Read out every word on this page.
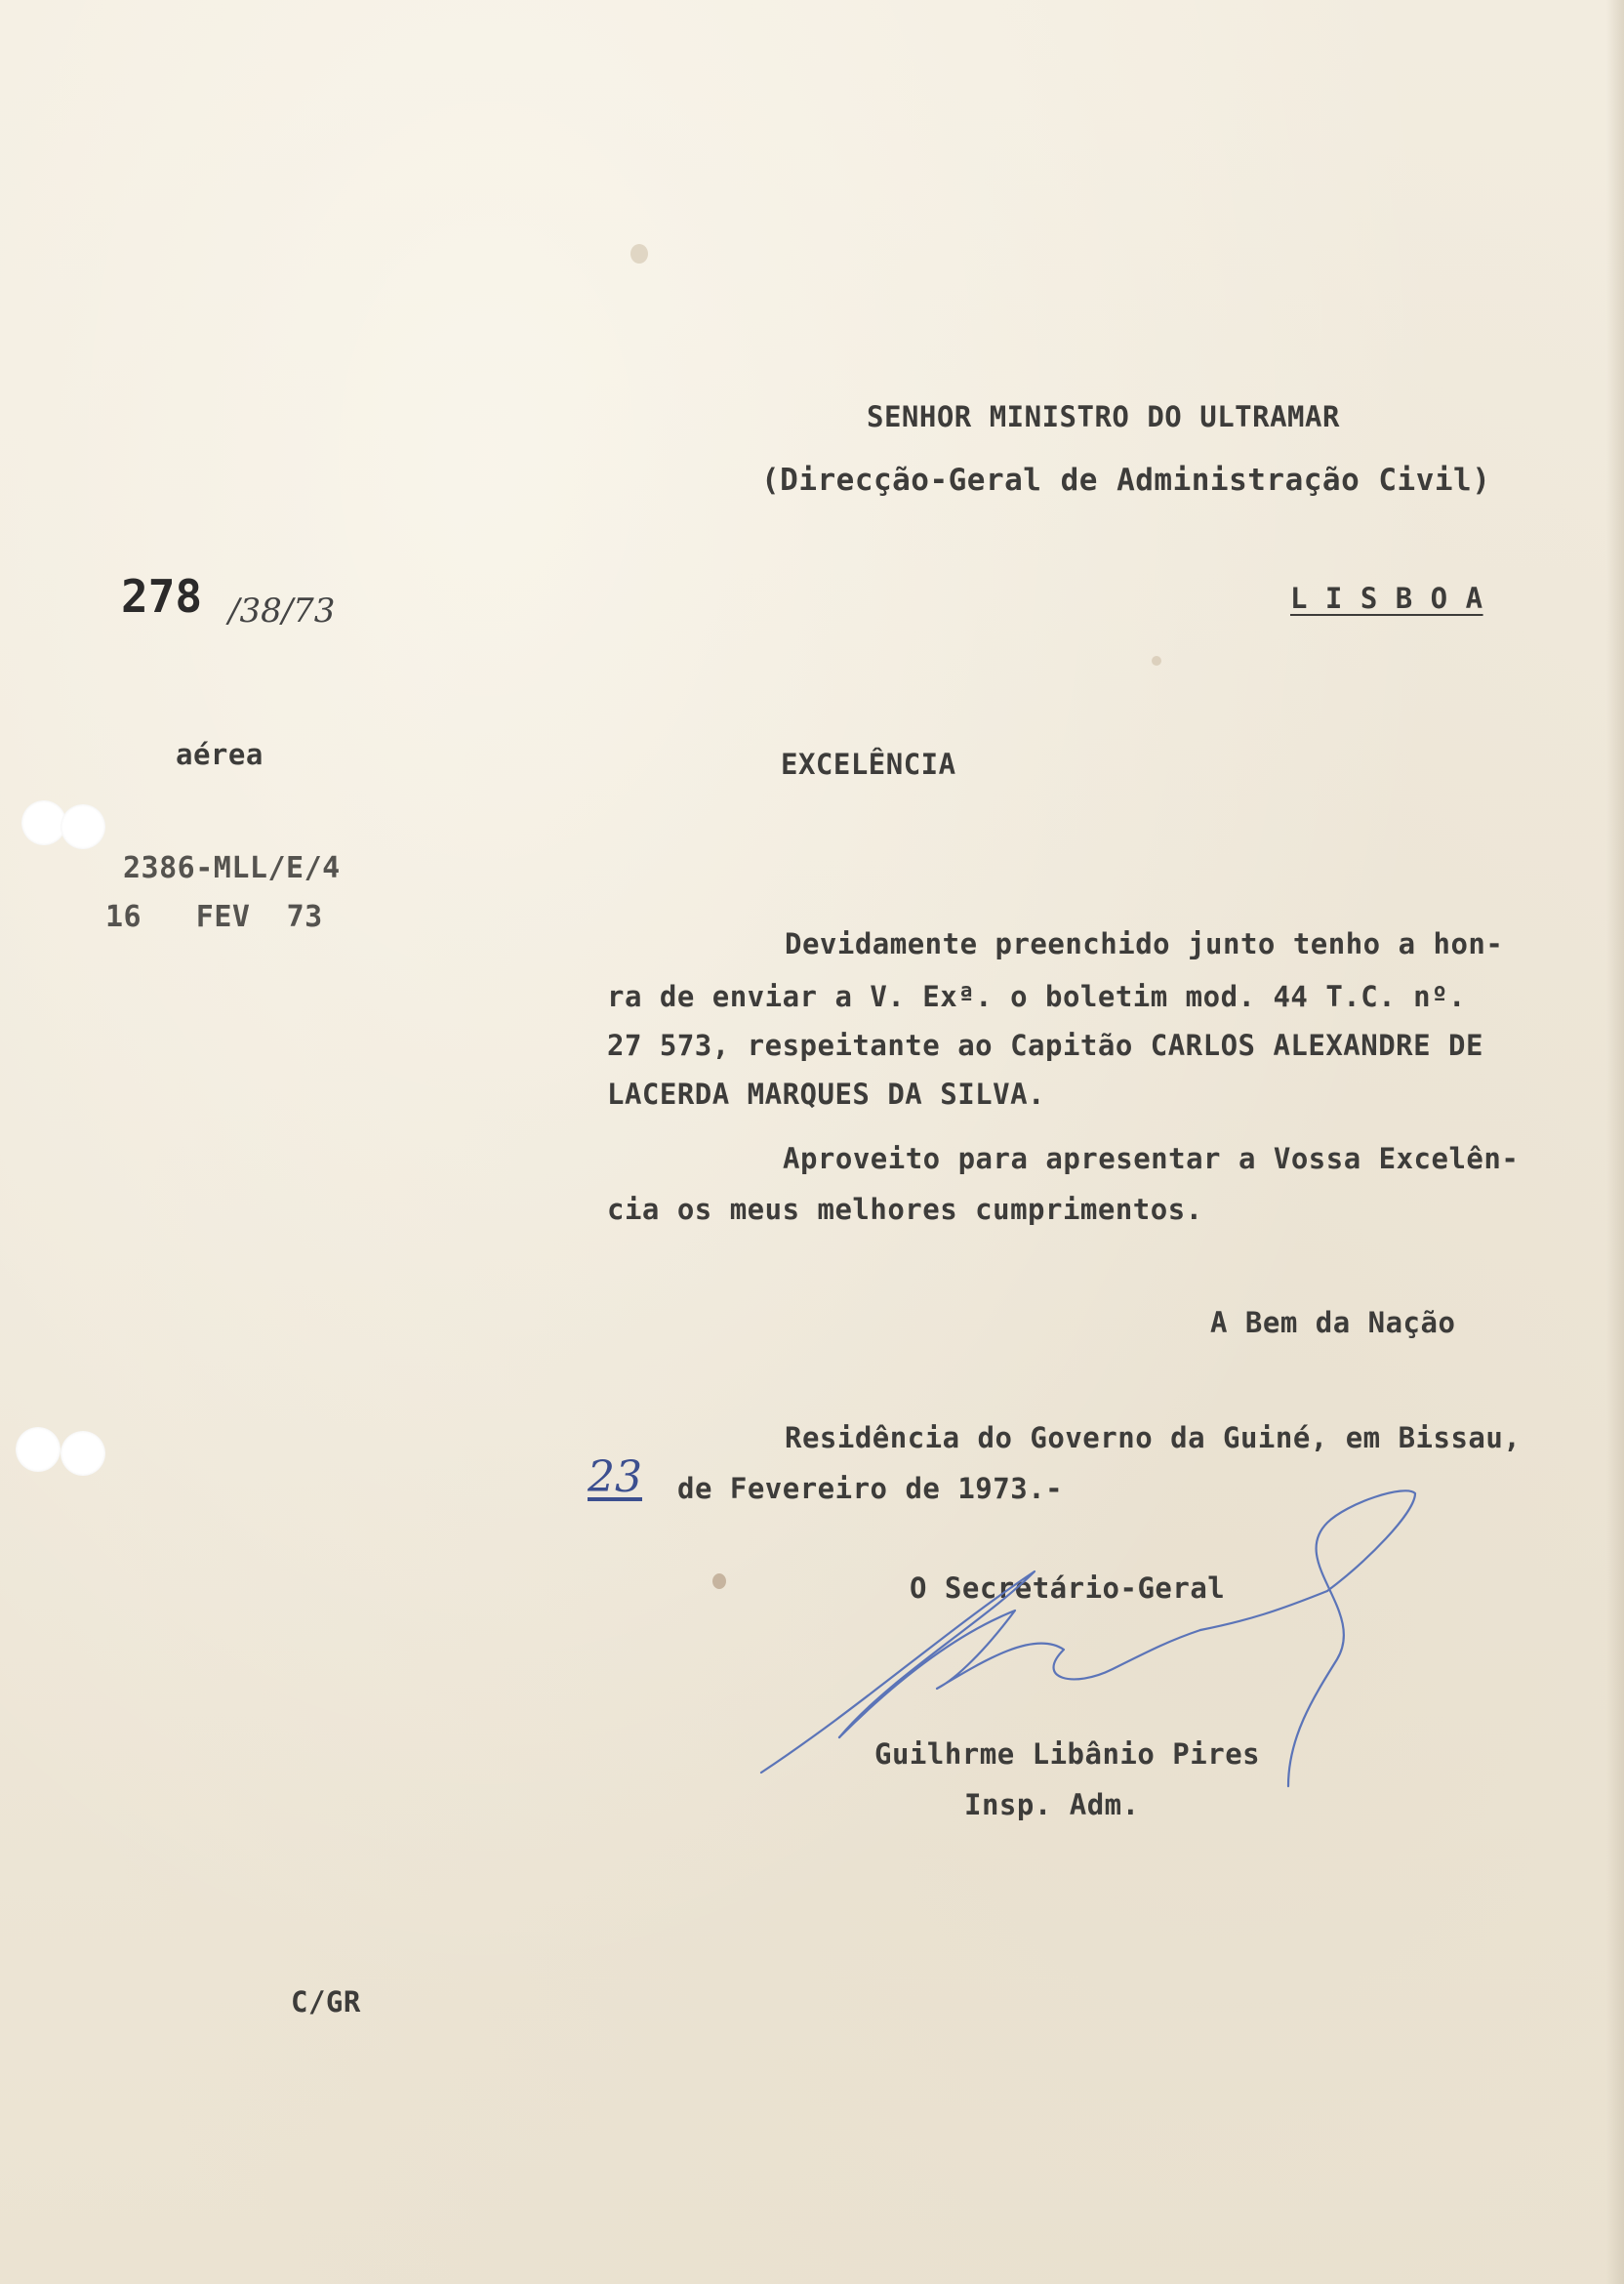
SENHOR MINISTRO DO ULTRAMAR
(Direcção-Geral de Administração Civil)
L I S B O A
278 /38/73
aérea
2386-MLL/E/4
16   FEV  73
C/GR
EXCELÊNCIA
Devidamente preenchido junto tenho a hon-
ra de enviar a V. Exª. o boletim mod. 44 T.C. nº.
27 573, respeitante ao Capitão CARLOS ALEXANDRE DE
LACERDA MARQUES DA SILVA.
Aproveito para apresentar a Vossa Excelên-
cia os meus melhores cumprimentos.
A Bem da Nação
Residência do Governo da Guiné, em Bissau,
23 de Fevereiro de 1973.-
O Secretário-Geral
Guilhrme Libânio Pires
Insp. Adm.
